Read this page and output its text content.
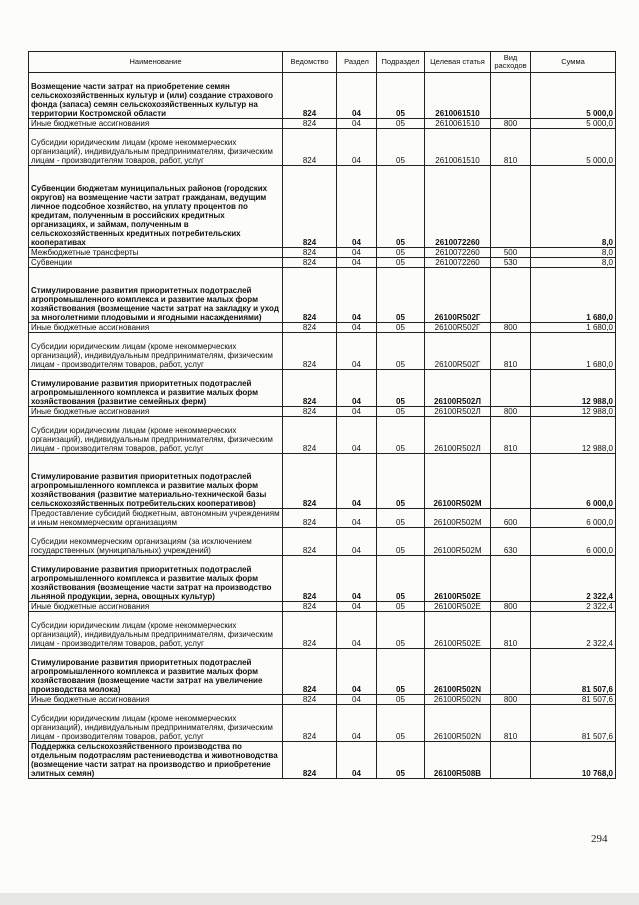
Наименование	Ведомство	Раздел	Подраздел	Целевая статья	Вид расходов	Сумма
Возмещение части затрат на приобретение семян сельскохозяйственных культур и (или) создание страхового фонда (запаса) семян сельскохозяйственных культур на территории Костромской области	824	04	05	2610061510		5 000,0
Иные бюджетные ассигнования	824	04	05	2610061510	800	5 000,0
Субсидии юридическим лицам (кроме некоммерческих организаций), индивидуальным предпринимателям, физическим лицам - производителям товаров, работ, услуг	824	04	05	2610061510	810	5 000,0
Субвенции бюджетам муниципальных районов (городских округов) на возмещение части затрат гражданам, ведущим личное подсобное хозяйство, на уплату процентов по кредитам, полученным в российских кредитных организациях, и займам, полученным в сельскохозяйственных кредитных потребительских кооперативах	824	04	05	2610072260		8,0
Межбюджетные трансферты	824	04	05	2610072260	500	8,0
Субвенции	824	04	05	2610072260	530	8,0
Стимулирование развития приоритетных подотраслей агропромышленного комплекса и развитие малых форм хозяйствования (возмещение части затрат на закладку и уход за многолетними плодовыми и ягодными насаждениями)	824	04	05	26100R502Г		1 680,0
Иные бюджетные ассигнования	824	04	05	26100R502Г	800	1 680,0
Субсидии юридическим лицам (кроме некоммерческих организаций), индивидуальным предпринимателям, физическим лицам - производителям товаров, работ, услуг	824	04	05	26100R502Г	810	1 680,0
Стимулирование развития приоритетных подотраслей агропромышленного комплекса и развитие малых форм хозяйствования (развитие семейных ферм)	824	04	05	26100R502Л		12 988,0
Иные бюджетные ассигнования	824	04	05	26100R502Л	800	12 988,0
Субсидии юридическим лицам (кроме некоммерческих организаций), индивидуальным предпринимателям, физическим лицам - производителям товаров, работ, услуг	824	04	05	26100R502Л	810	12 988,0
Стимулирование развития приоритетных подотраслей агропромышленного комплекса и развитие малых форм хозяйствования (развитие материально-технической базы сельскохозяйственных потребительских кооперативов)	824	04	05	26100R502M		6 000,0
Предоставление субсидий бюджетным, автономным учреждениям и иным некоммерческим организациям	824	04	05	26100R502M	600	6 000,0
Субсидии некоммерческим организациям (за исключением государственных (муниципальных) учреждений)	824	04	05	26100R502M	630	6 000,0
Стимулирование развития приоритетных подотраслей агропромышленного комплекса и развитие малых форм хозяйствования (возмещение части затрат на производство льняной продукции, зерна, овощных культур)	824	04	05	26100R502E		2 322,4
Иные бюджетные ассигнования	824	04	05	26100R502E	800	2 322,4
Субсидии юридическим лицам (кроме некоммерческих организаций), индивидуальным предпринимателям, физическим лицам - производителям товаров, работ, услуг	824	04	05	26100R502E	810	2 322,4
Стимулирование развития приоритетных подотраслей агропромышленного комплекса и развитие малых форм хозяйствования (возмещение части затрат на увеличение производства молока)	824	04	05	26100R502N		81 507,6
Иные бюджетные ассигнования	824	04	05	26100R502N	800	81 507,6
Субсидии юридическим лицам (кроме некоммерческих организаций), индивидуальным предпринимателям, физическим лицам - производителям товаров, работ, услуг	824	04	05	26100R502N	810	81 507,6
Поддержка сельскохозяйственного производства по отдельным подотраслям растениеводства и животноводства (возмещение части затрат на производство и приобретение элитных семян)	824	04	05	26100R508B		10 768,0
294
